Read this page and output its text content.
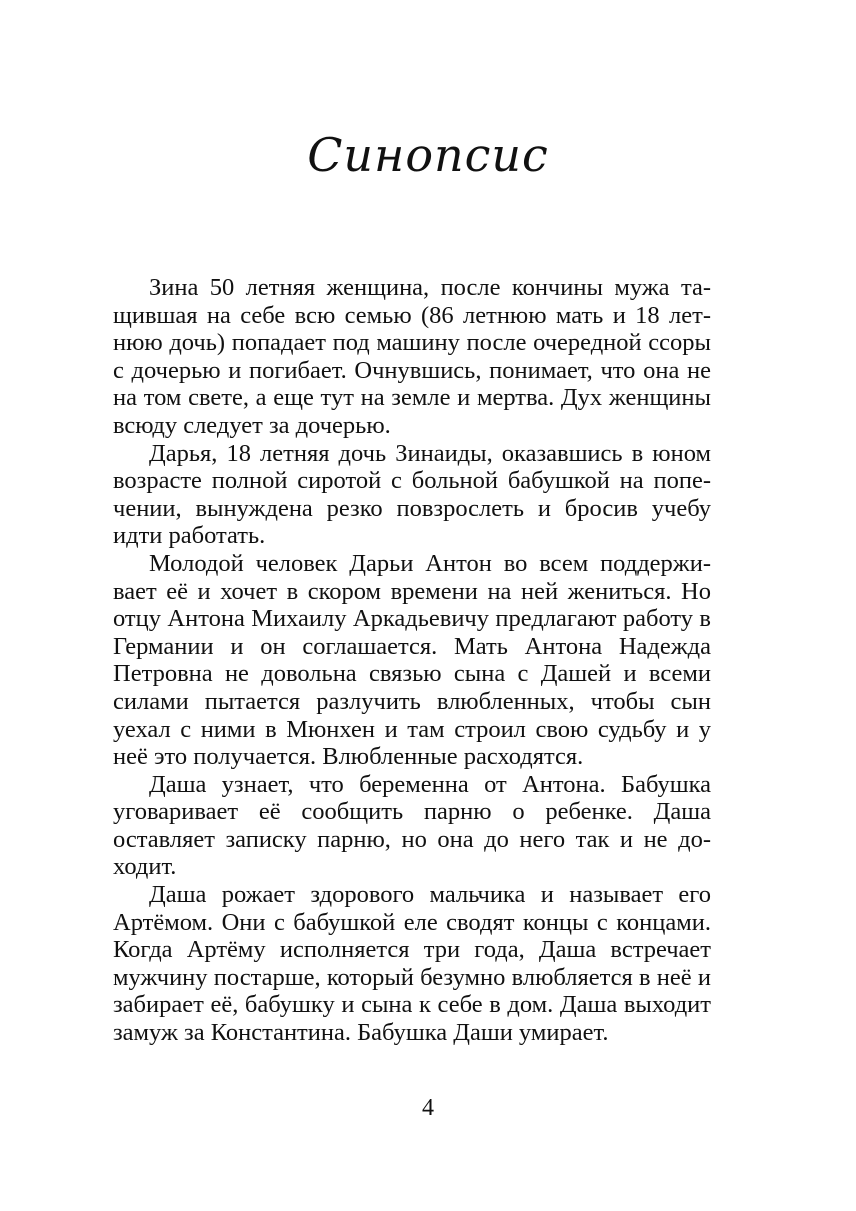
Синопсис

Зина 50 летняя женщина, после кончины мужа тащившая на себе всю семью (86 летнюю мать и 18 летнюю дочь) попадает под машину после очередной ссоры с дочерью и погибает. Очнувшись, понимает, что она не на том свете, а еще тут на земле и мертва. Дух женщины всюду следует за дочерью.

Дарья, 18 летняя дочь Зинаиды, оказавшись в юном возрасте полной сиротой с больной бабушкой на попечении, вынуждена резко повзрослеть и бросив учебу идти работать.

Молодой человек Дарьи Антон во всем поддерживает её и хочет в скором времени на ней жениться. Но отцу Антона Михаилу Аркадьевичу предлагают работу в Германии и он соглашается. Мать Антона Надежда Петровна не довольна связью сына с Дашей и всеми силами пытается разлучить влюбленных, чтобы сын уехал с ними в Мюнхен и там строил свою судьбу и у неё это получается. Влюбленные расходятся.

Даша узнает, что беременна от Антона. Бабушка уговаривает её сообщить парню о ребенке. Даша оставляет записку парню, но она до него так и не доходит.

Даша рожает здорового мальчика и называет его Артёмом. Они с бабушкой еле сводят концы с концами. Когда Артёму исполняется три года, Даша встречает мужчину постарше, который безумно влюбляется в неё и забирает её, бабушку и сына к себе в дом. Даша выходит замуж за Константина. Бабушка Даши умирает.

4
